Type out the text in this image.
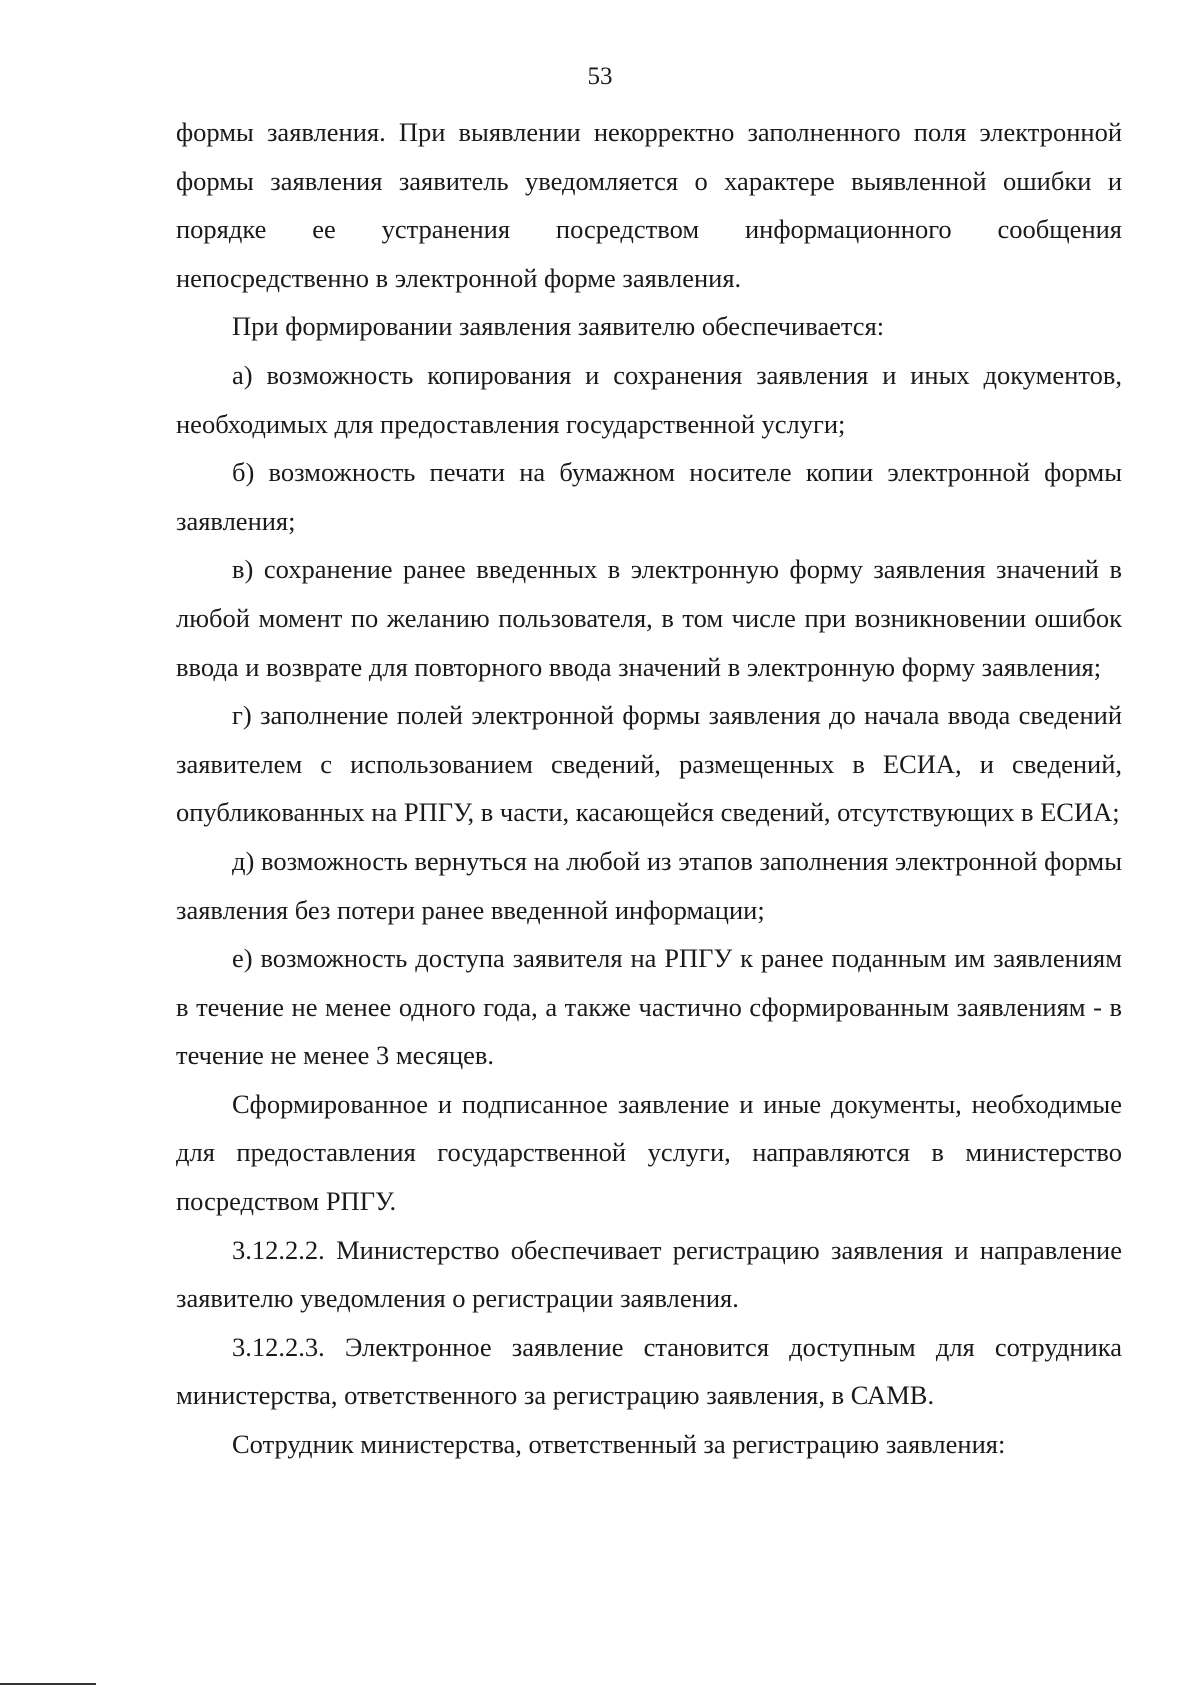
53

формы заявления. При выявлении некорректно заполненного поля электронной формы заявления заявитель уведомляется о характере выявленной ошибки и порядке ее устранения посредством информационного сообщения непосредственно в электронной форме заявления.

При формировании заявления заявителю обеспечивается:

а) возможность копирования и сохранения заявления и иных документов, необходимых для предоставления государственной услуги;

б) возможность печати на бумажном носителе копии электронной формы заявления;

в) сохранение ранее введенных в электронную форму заявления значений в любой момент по желанию пользователя, в том числе при возникновении ошибок ввода и возврате для повторного ввода значений в электронную форму заявления;

г) заполнение полей электронной формы заявления до начала ввода сведений заявителем с использованием сведений, размещенных в ЕСИА, и сведений, опубликованных на РПГУ, в части, касающейся сведений, отсутствующих в ЕСИА;

д) возможность вернуться на любой из этапов заполнения электронной формы заявления без потери ранее введенной информации;

е) возможность доступа заявителя на РПГУ к ранее поданным им заявлениям в течение не менее одного года, а также частично сформированным заявлениям - в течение не менее 3 месяцев.

Сформированное и подписанное заявление и иные документы, необходимые для предоставления государственной услуги, направляются в министерство посредством РПГУ.

3.12.2.2. Министерство обеспечивает регистрацию заявления и направление заявителю уведомления о регистрации заявления.

3.12.2.3. Электронное заявление становится доступным для сотрудника министерства, ответственного за регистрацию заявления, в САМВ.

Сотрудник министерства, ответственный за регистрацию заявления:
